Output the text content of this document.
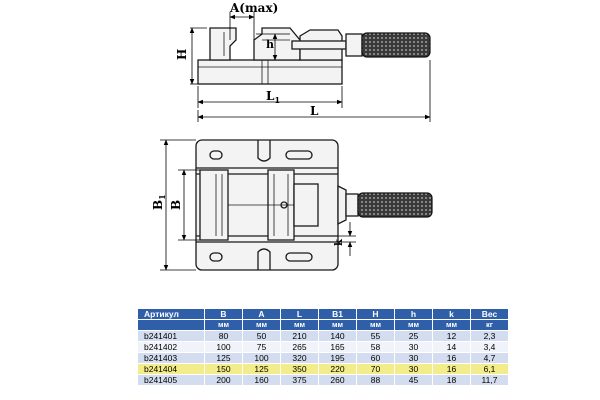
A(max)
h
H
$L_1$
L
$B_1$
B
k
Артикул	B	A	L	B1	H	h	k	Вес
	мм	мм	мм	мм	мм	мм	мм	кг
b241401	80	50	210	140	55	25	12	2,3
b241402	100	75	265	165	58	30	14	3,4
b241403	125	100	320	195	60	30	16	4,7
b241404	150	125	350	220	70	30	16	6,1
b241405	200	160	375	260	88	45	18	11,7
